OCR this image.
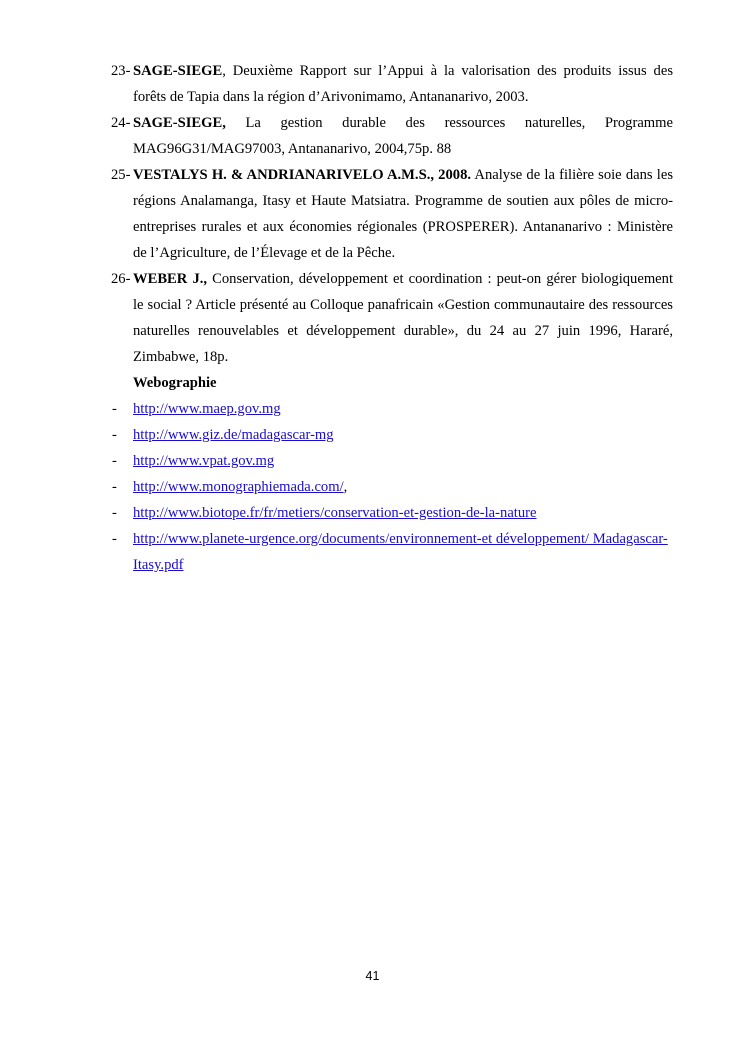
23- SAGE-SIEGE, Deuxième Rapport sur l’Appui à la valorisation des produits issus des forêts de Tapia dans la région d’Arivonimamo, Antananarivo, 2003.
24- SAGE-SIEGE, La gestion durable des ressources naturelles, Programme MAG96G31/MAG97003, Antananarivo, 2004,75p. 88
25- VESTALYS H. & ANDRIANARIVELO A.M.S., 2008. Analyse de la filière soie dans les régions Analamanga, Itasy et Haute Matsiatra. Programme de soutien aux pôles de micro-entreprises rurales et aux économies régionales (PROSPERER). Antananarivo : Ministère de l’Agriculture, de l’Élevage et de la Pêche.
26- WEBER J., Conservation, développement et coordination : peut-on gérer biologiquement le social ? Article présenté au Colloque panafricain «Gestion communautaire des ressources naturelles renouvelables et développement durable», du 24 au 27 juin 1996, Hararé, Zimbabwe, 18p.
Webographie
- http://www.maep.gov.mg
- http://www.giz.de/madagascar-mg
- http://www.vpat.gov.mg
- http://www.monographiemada.com/,
- http://www.biotope.fr/fr/metiers/conservation-et-gestion-de-la-nature
- http://www.planete-urgence.org/documents/environnement-et développement/ Madagascar-Itasy.pdf
41
